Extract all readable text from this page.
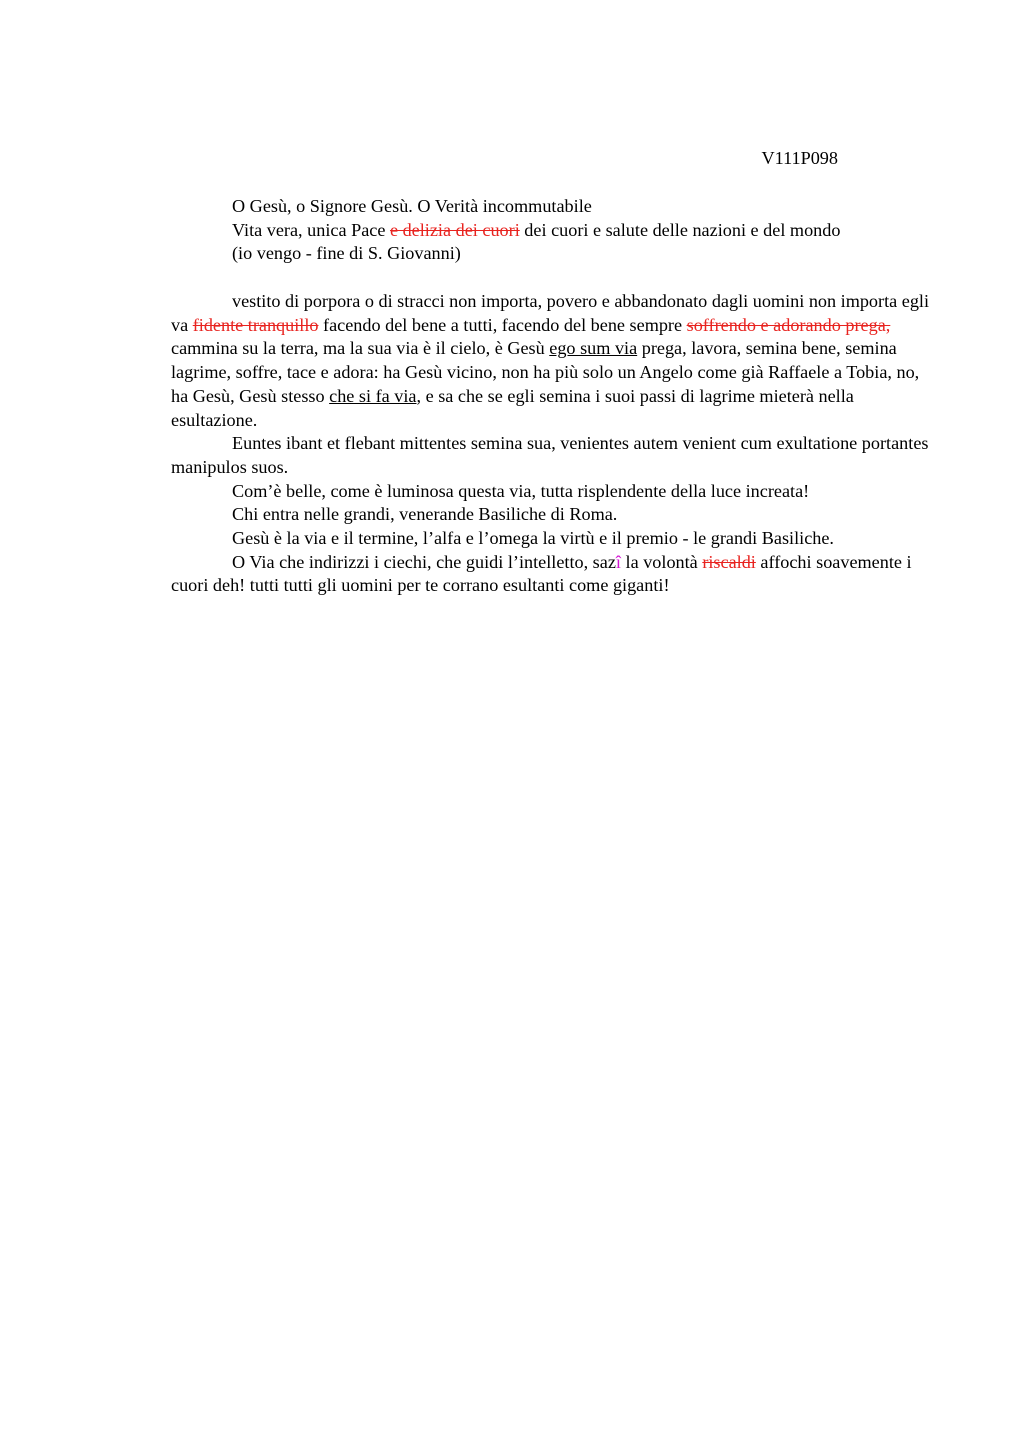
V111P098
O Gesù, o Signore Gesù. O Verità incommutabile
Vita vera, unica Pace e delizia dei cuori dei cuori e salute delle nazioni e del mondo
(io vengo - fine di S. Giovanni)

vestito di porpora o di stracci non importa, povero e abbandonato dagli uomini non importa egli va fidente tranquillo facendo del bene a tutti, facendo del bene sempre soffrendo e adorando prega, cammina su la terra, ma la sua via è il cielo, è Gesù ego sum via prega, lavora, semina bene, semina lagrime, soffre, tace e adora: ha Gesù vicino, non ha più solo un Angelo come già Raffaele a Tobia, no, ha Gesù, Gesù stesso che si fa via, e sa che se egli semina i suoi passi di lagrime mieterà nella esultazione.

Euntes ibant et flebant mittentes semina sua, venientes autem venient cum exultatione portantes manipulos suos.

Com’è belle, come è luminosa questa via, tutta risplendente della luce increata!

Chi entra nelle grandi, venerande Basiliche di Roma.

Gesù è la via e il termine, l’alfa e l’omega la virtù e il premio - le grandi Basiliche.

O Via che indirizzi i ciechi, che guidi l’intelletto, sazî la volontà riscaldi affochi soavemente i cuori deh! tutti tutti gli uomini per te corrano esultanti come giganti!
